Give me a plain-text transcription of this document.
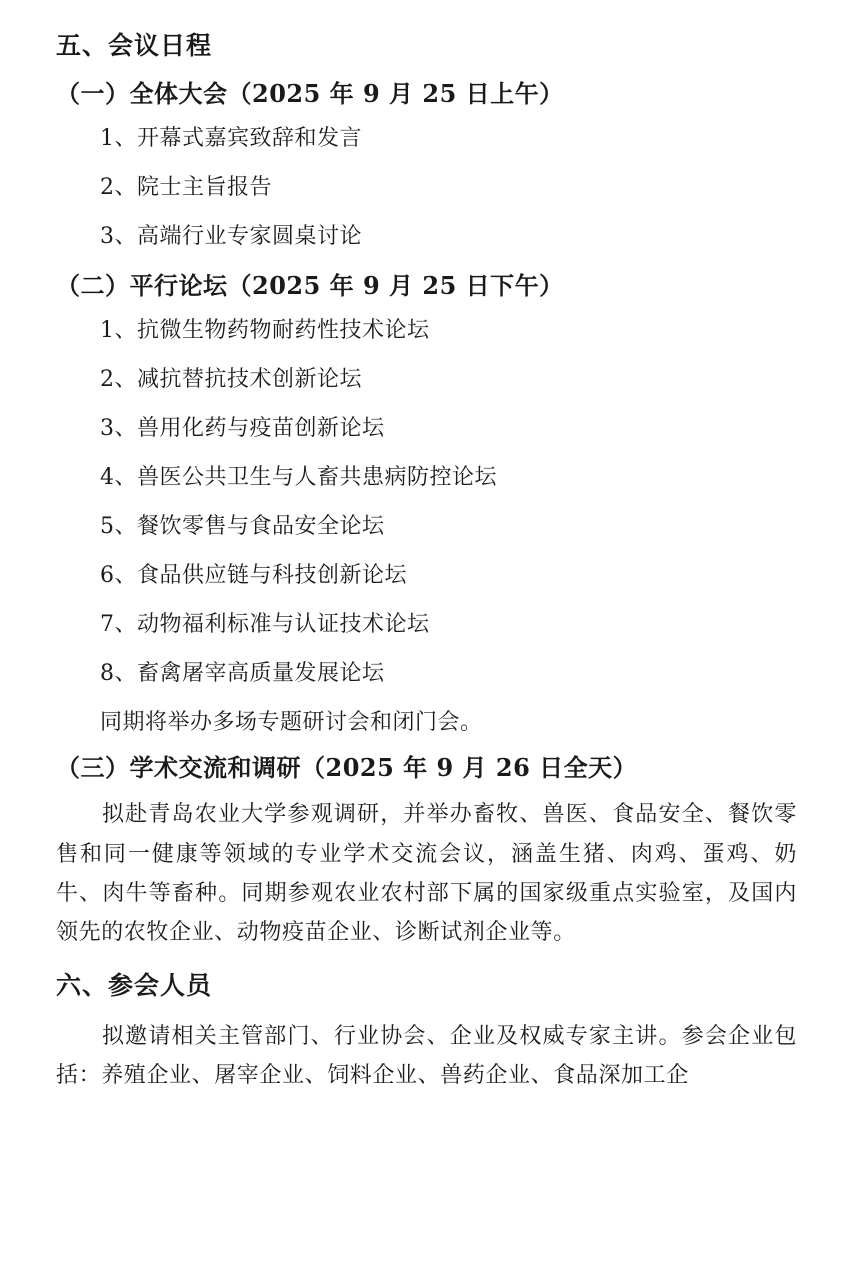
五、会议日程
（一）全体大会（2025 年 9 月 25 日上午）

1、开幕式嘉宾致辞和发言

2、院士主旨报告

3、高端行业专家圆桌讨论

（二）平行论坛（2025 年 9 月 25 日下午）

1、抗微生物药物耐药性技术论坛

2、减抗替抗技术创新论坛

3、兽用化药与疫苗创新论坛

4、兽医公共卫生与人畜共患病防控论坛

5、餐饮零售与食品安全论坛

6、食品供应链与科技创新论坛

7、动物福利标准与认证技术论坛

8、畜禽屠宰高质量发展论坛

同期将举办多场专题研讨会和闭门会。

（三）学术交流和调研（2025 年 9 月 26 日全天）

拟赴青岛农业大学参观调研，并举办畜牧、兽医、食品安全、餐饮零售和同一健康等领域的专业学术交流会议，涵盖生猪、肉鸡、蛋鸡、奶牛、肉牛等畜种。同期参观农业农村部下属的国家级重点实验室，及国内领先的农牧企业、动物疫苗企业、诊断试剂企业等。

六、参会人员

拟邀请相关主管部门、行业协会、企业及权威专家主讲。参会企业包括：养殖企业、屠宰企业、饲料企业、兽药企业、食品深加工企
